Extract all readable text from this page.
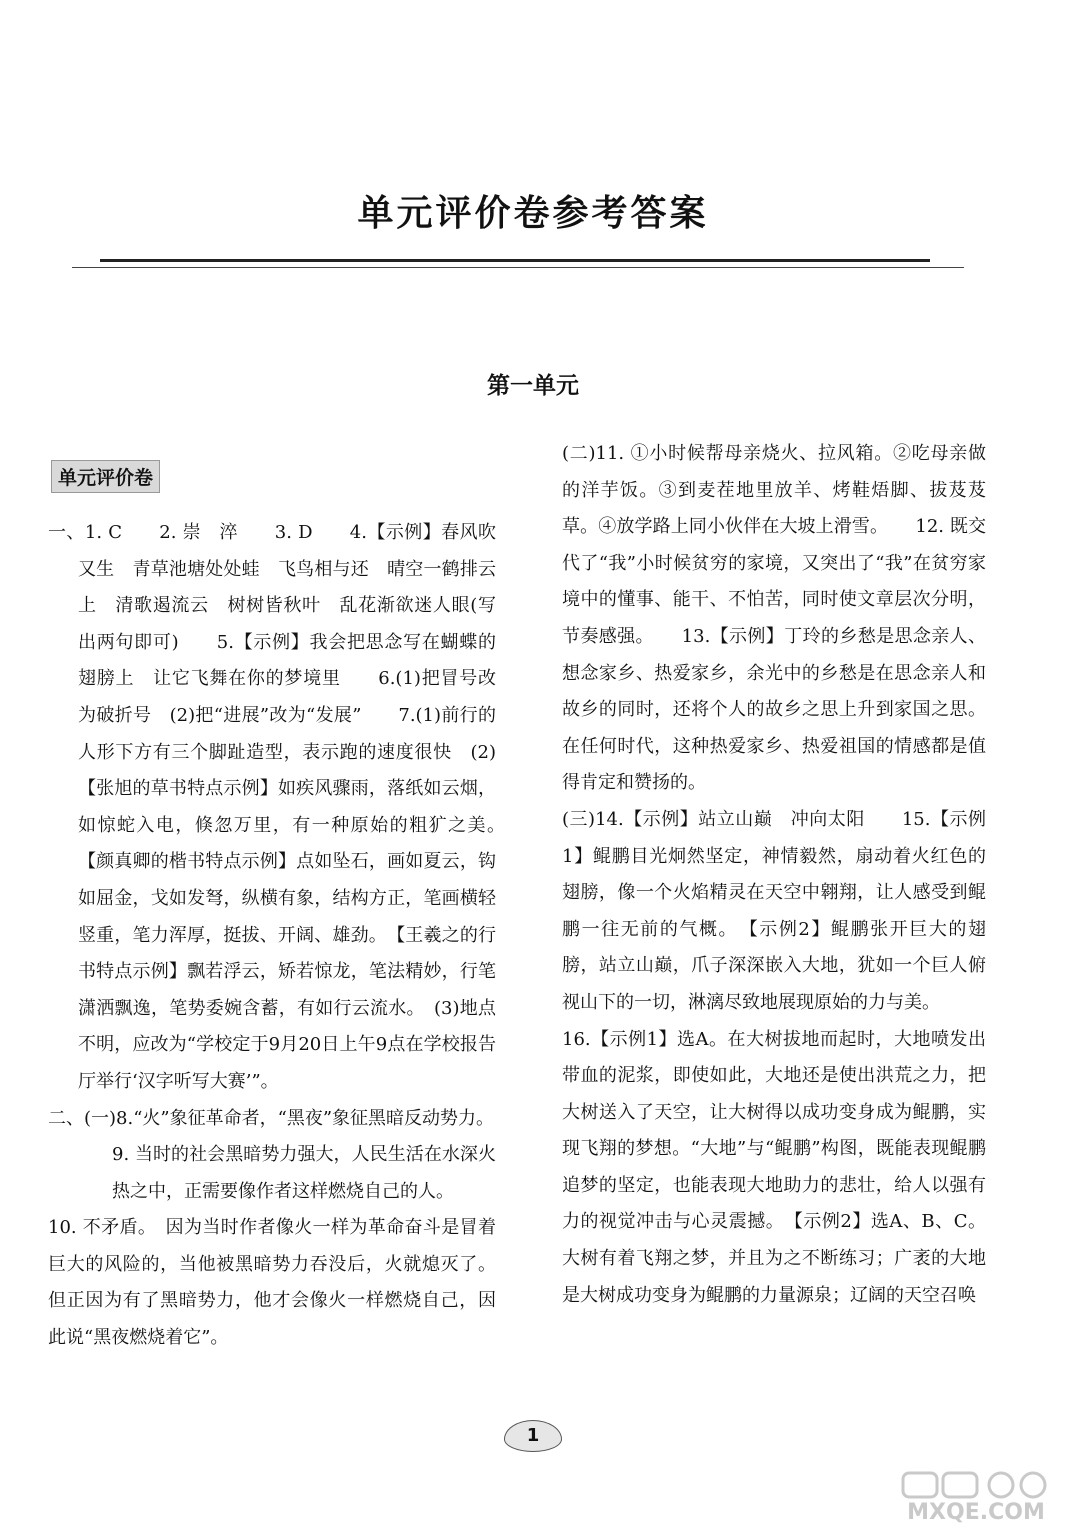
单元评价卷参考答案
第一单元
单元评价卷

一、1. C　　2. 崇　淬　　3. D　　4.【示例】春风吹又生　青草池塘处处蛙　飞鸟相与还　晴空一鹤排云上　清歌遏流云　树树皆秋叶　乱花渐欲迷人眼(写出两句即可)　　5.【示例】我会把思念写在蝴蝶的翅膀上　让它飞舞在你的梦境里　　6.(1)把冒号改为破折号　(2)把“进展”改为“发展”　　7.(1)前行的人形下方有三个脚趾造型，表示跑的速度很快　(2)【张旭的草书特点示例】如疾风骤雨，落纸如云烟，如惊蛇入电，倏忽万里，有一种原始的粗犷之美。　【颜真卿的楷书特点示例】点如坠石，画如夏云，钩如屈金，戈如发弩，纵横有象，结构方正，笔画横轻竖重，笔力浑厚，挺拔、开阔、雄劲。　【王羲之的行书特点示例】飘若浮云，矫若惊龙，笔法精妙，行笔潇洒飘逸，笔势委婉含蓄，有如行云流水。　(3)地点不明，应改为“学校定于9月20日上午9点在学校报告厅举行‘汉字听写大赛’”。

二、(一)8.“火”象征革命者，“黑夜”象征黑暗反动势力。

9. 当时的社会黑暗势力强大，人民生活在水深火热之中，正需要像作者这样燃烧自己的人。

10. 不矛盾。　因为当时作者像火一样为革命奋斗是冒着巨大的风险的，当他被黑暗势力吞没后，火就熄灭了。但正因为有了黑暗势力，他才会像火一样燃烧自己，因此说“黑夜燃烧着它”。

(二)11. ①小时候帮母亲烧火、拉风箱。②吃母亲做的洋芋饭。③到麦茬地里放羊、烤鞋焐脚、拔芨芨草。④放学路上同小伙伴在大坡上滑雪。　　12. 既交代了“我”小时候贫穷的家境，又突出了“我”在贫穷家境中的懂事、能干、不怕苦，同时使文章层次分明，节奏感强。　　13.【示例】丁玲的乡愁是思念亲人、想念家乡、热爱家乡，余光中的乡愁是在思念亲人和故乡的同时，还将个人的故乡之思上升到家国之思。在任何时代，这种热爱家乡、热爱祖国的情感都是值得肯定和赞扬的。

(三)14.【示例】站立山巅　冲向太阳　　15.【示例1】鲲鹏目光炯然坚定，神情毅然，扇动着火红色的翅膀，像一个火焰精灵在天空中翱翔，让人感受到鲲鹏一往无前的气概。　【示例2】鲲鹏张开巨大的翅膀，站立山巅，爪子深深嵌入大地，犹如一个巨人俯视山下的一切，淋漓尽致地展现原始的力与美。

16.【示例1】选A。在大树拔地而起时，大地喷发出带血的泥浆，即使如此，大地还是使出洪荒之力，把大树送入了天空，让大树得以成功变身成为鲲鹏，实现飞翔的梦想。“大地”与“鲲鹏”构图，既能表现鲲鹏追梦的坚定，也能表现大地助力的悲壮，给人以强有力的视觉冲击与心灵震撼。　【示例2】选A、B、C。大树有着飞翔之梦，并且为之不断练习；广袤的大地是大树成功变身为鲲鹏的力量源泉；辽阔的天空召唤

1
MXQE.COM
